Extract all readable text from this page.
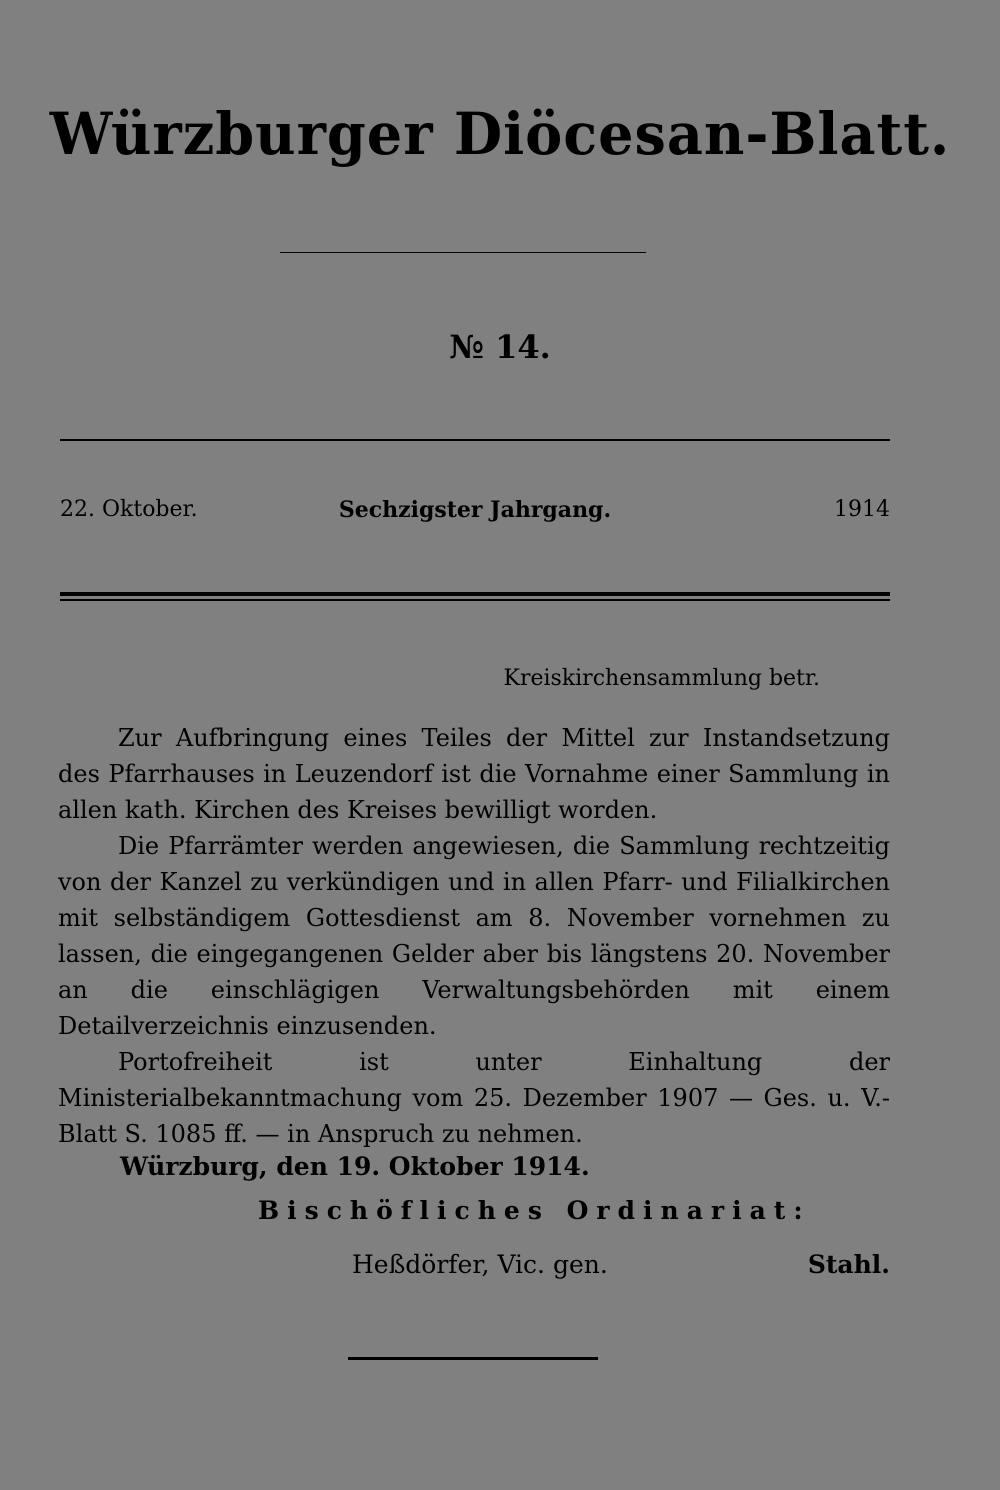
Würzburger Diöcesan-Blatt.
№ 14.
22. Oktober.	Sechzigster Jahrgang.	1914
Kreiskirchensammlung betr.

Zur Aufbringung eines Teiles der Mittel zur Instandsetzung des Pfarrhauses in Leuzendorf ist die Vornahme einer Sammlung in allen kath. Kirchen des Kreises bewilligt worden.

Die Pfarrämter werden angewiesen, die Sammlung rechtzeitig von der Kanzel zu verkündigen und in allen Pfarr- und Filialkirchen mit selbständigem Gottesdienst am 8. November vornehmen zu lassen, die eingegangenen Gelder aber bis längstens 20. November an die einschlägigen Verwaltungsbehörden mit einem Detailverzeichnis einzusenden.

Portofreiheit ist unter Einhaltung der Ministerialbekanntmachung vom 25. Dezember 1907 — Ges. u. V.-Blatt S. 1085 ff. — in Anspruch zu nehmen.

Würzburg, den 19. Oktober 1914.
Bischöfliches Ordinariat:
Heßdörfer, Vic. gen.	Stahl.
